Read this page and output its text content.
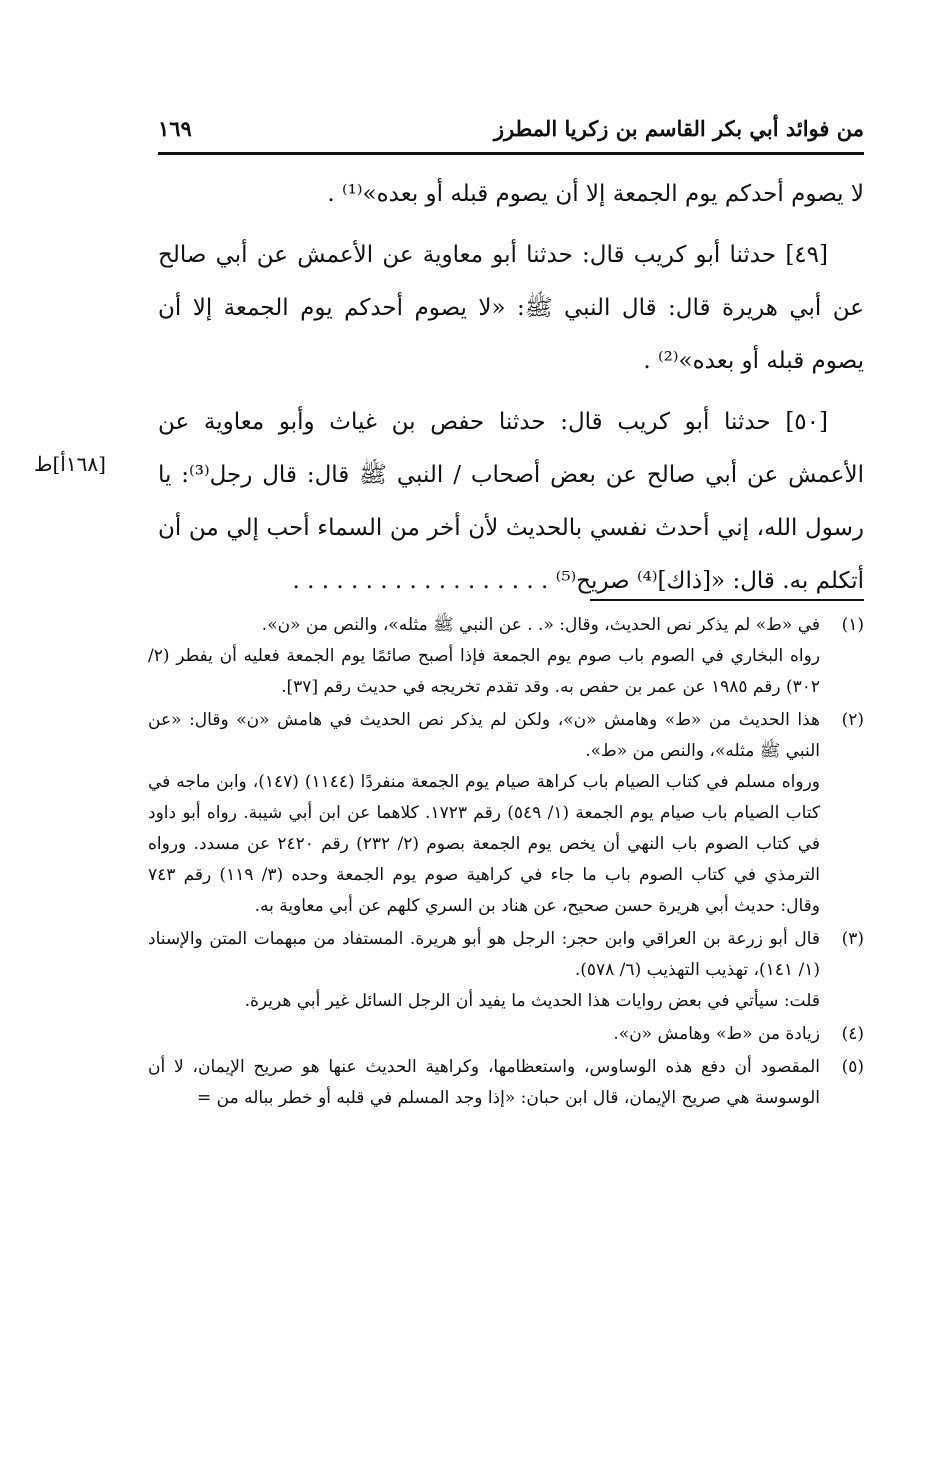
من فوائد أبي بكر القاسم بن زكريا المطرز
١٦٩

لا يصوم أحدكم يوم الجمعة إلا أن يصوم قبله أو بعده»⁽¹⁾ .

[٤٩] حدثنا أبو كريب قال: حدثنا أبو معاوية عن الأعمش عن أبي صالح عن أبي هريرة قال: قال النبي ﷺ: «لا يصوم أحدكم يوم الجمعة إلا أن يصوم قبله أو بعده»⁽²⁾ .

[٥٠] حدثنا أبو كريب قال: حدثنا حفص بن غياث وأبو معاوية عن الأعمش عن أبي صالح عن بعض أصحاب / النبي ﷺ قال: قال رجل⁽³⁾: يا رسول الله، إني أحدث نفسي بالحديث لأن أخر من السماء أحب إلي من أن أتكلم به. قال: «[ذاك]⁽⁴⁾ صريح⁽⁵⁾ . . . . . . . . . . . . . . . . . .

[١٦٨أ]ط
(١)

في «ط» لم يذكر نص الحديث، وقال: «. . عن النبي ﷺ مثله»، والنص من «ن».

رواه البخاري في الصوم باب صوم يوم الجمعة فإذا أصبح صائمًا يوم الجمعة فعليه أن يفطر (٢/ ٣٠٢) رقم ١٩٨٥ عن عمر بن حفص به. وقد تقدم تخريجه في حديث رقم [٣٧].

(٢)

هذا الحديث من «ط» وهامش «ن»، ولكن لم يذكر نص الحديث في هامش «ن» وقال: «عن النبي ﷺ مثله»، والنص من «ط».

ورواه مسلم في كتاب الصيام باب كراهة صيام يوم الجمعة منفردًا (١١٤٤) (١٤٧)، وابن ماجه في كتاب الصيام باب صيام يوم الجمعة (١/ ٥٤٩) رقم ١٧٢٣. كلاهما عن ابن أبي شيبة. رواه أبو داود في كتاب الصوم باب النهي أن يخص يوم الجمعة بصوم (٢/ ٢٣٢) رقم ٢٤٢٠ عن مسدد. ورواه الترمذي في كتاب الصوم باب ما جاء في كراهية صوم يوم الجمعة وحده (٣/ ١١٩) رقم ٧٤٣ وقال: حديث أبي هريرة حسن صحيح، عن هناد بن السري كلهم عن أبي معاوية به.

(٣)

قال أبو زرعة بن العراقي وابن حجر: الرجل هو أبو هريرة. المستفاد من مبهمات المتن والإسناد (١/ ١٤١)، تهذيب التهذيب (٦/ ٥٧٨).

قلت: سيأتي في بعض روايات هذا الحديث ما يفيد أن الرجل السائل غير أبي هريرة.

(٤)

زيادة من «ط» وهامش «ن».

(٥)

المقصود أن دفع هذه الوساوس، واستعظامها، وكراهية الحديث عنها هو صريح الإيمان، لا أن الوسوسة هي صريح الإيمان، قال ابن حبان: «إذا وجد المسلم في قلبه أو خطر بباله من =
